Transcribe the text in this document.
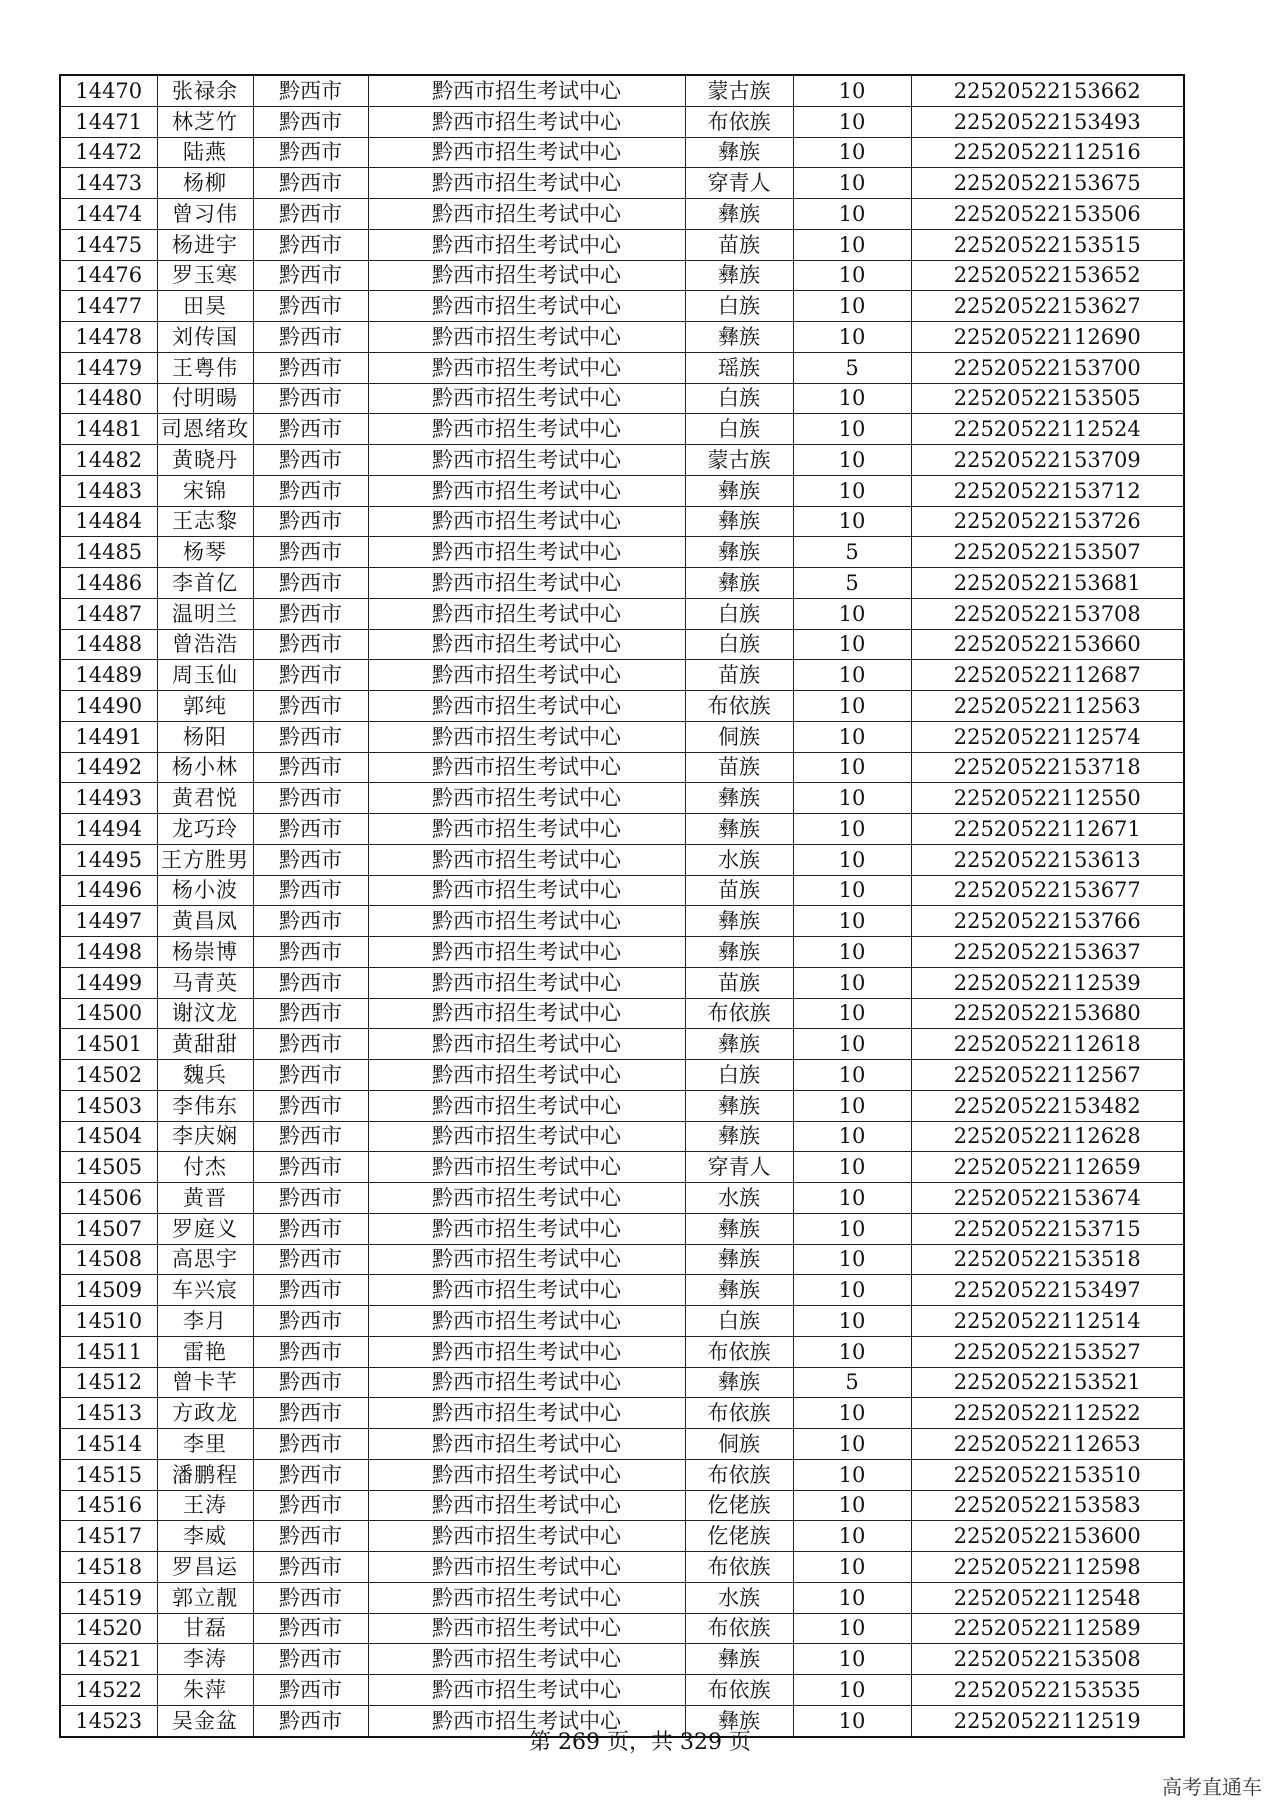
14470	张禄余	黔西市	黔西市招生考试中心	蒙古族	10	22520522153662
14471	林芝竹	黔西市	黔西市招生考试中心	布依族	10	22520522153493
14472	陆燕	黔西市	黔西市招生考试中心	彝族	10	22520522112516
14473	杨柳	黔西市	黔西市招生考试中心	穿青人	10	22520522153675
14474	曾习伟	黔西市	黔西市招生考试中心	彝族	10	22520522153506
14475	杨进宇	黔西市	黔西市招生考试中心	苗族	10	22520522153515
14476	罗玉寒	黔西市	黔西市招生考试中心	彝族	10	22520522153652
14477	田昊	黔西市	黔西市招生考试中心	白族	10	22520522153627
14478	刘传国	黔西市	黔西市招生考试中心	彝族	10	22520522112690
14479	王粤伟	黔西市	黔西市招生考试中心	瑶族	5	22520522153700
14480	付明暘	黔西市	黔西市招生考试中心	白族	10	22520522153505
14481	司恩绪玫	黔西市	黔西市招生考试中心	白族	10	22520522112524
14482	黄晓丹	黔西市	黔西市招生考试中心	蒙古族	10	22520522153709
14483	宋锦	黔西市	黔西市招生考试中心	彝族	10	22520522153712
14484	王志黎	黔西市	黔西市招生考试中心	彝族	10	22520522153726
14485	杨琴	黔西市	黔西市招生考试中心	彝族	5	22520522153507
14486	李首亿	黔西市	黔西市招生考试中心	彝族	5	22520522153681
14487	温明兰	黔西市	黔西市招生考试中心	白族	10	22520522153708
14488	曾浩浩	黔西市	黔西市招生考试中心	白族	10	22520522153660
14489	周玉仙	黔西市	黔西市招生考试中心	苗族	10	22520522112687
14490	郭纯	黔西市	黔西市招生考试中心	布依族	10	22520522112563
14491	杨阳	黔西市	黔西市招生考试中心	侗族	10	22520522112574
14492	杨小林	黔西市	黔西市招生考试中心	苗族	10	22520522153718
14493	黄君悦	黔西市	黔西市招生考试中心	彝族	10	22520522112550
14494	龙巧玲	黔西市	黔西市招生考试中心	彝族	10	22520522112671
14495	王方胜男	黔西市	黔西市招生考试中心	水族	10	22520522153613
14496	杨小波	黔西市	黔西市招生考试中心	苗族	10	22520522153677
14497	黄昌凤	黔西市	黔西市招生考试中心	彝族	10	22520522153766
14498	杨崇博	黔西市	黔西市招生考试中心	彝族	10	22520522153637
14499	马青英	黔西市	黔西市招生考试中心	苗族	10	22520522112539
14500	谢汶龙	黔西市	黔西市招生考试中心	布依族	10	22520522153680
14501	黄甜甜	黔西市	黔西市招生考试中心	彝族	10	22520522112618
14502	魏兵	黔西市	黔西市招生考试中心	白族	10	22520522112567
14503	李伟东	黔西市	黔西市招生考试中心	彝族	10	22520522153482
14504	李庆娴	黔西市	黔西市招生考试中心	彝族	10	22520522112628
14505	付杰	黔西市	黔西市招生考试中心	穿青人	10	22520522112659
14506	黄晋	黔西市	黔西市招生考试中心	水族	10	22520522153674
14507	罗庭义	黔西市	黔西市招生考试中心	彝族	10	22520522153715
14508	高思宇	黔西市	黔西市招生考试中心	彝族	10	22520522153518
14509	车兴宸	黔西市	黔西市招生考试中心	彝族	10	22520522153497
14510	李月	黔西市	黔西市招生考试中心	白族	10	22520522112514
14511	雷艳	黔西市	黔西市招生考试中心	布依族	10	22520522153527
14512	曾卡芊	黔西市	黔西市招生考试中心	彝族	5	22520522153521
14513	方政龙	黔西市	黔西市招生考试中心	布依族	10	22520522112522
14514	李里	黔西市	黔西市招生考试中心	侗族	10	22520522112653
14515	潘鹏程	黔西市	黔西市招生考试中心	布依族	10	22520522153510
14516	王涛	黔西市	黔西市招生考试中心	仡佬族	10	22520522153583
14517	李威	黔西市	黔西市招生考试中心	仡佬族	10	22520522153600
14518	罗昌运	黔西市	黔西市招生考试中心	布依族	10	22520522112598
14519	郭立靓	黔西市	黔西市招生考试中心	水族	10	22520522112548
14520	甘磊	黔西市	黔西市招生考试中心	布依族	10	22520522112589
14521	李涛	黔西市	黔西市招生考试中心	彝族	10	22520522153508
14522	朱萍	黔西市	黔西市招生考试中心	布依族	10	22520522153535
14523	吴金盆	黔西市	黔西市招生考试中心	彝族	10	22520522112519
第 269 页，共 329 页
高考直通车
